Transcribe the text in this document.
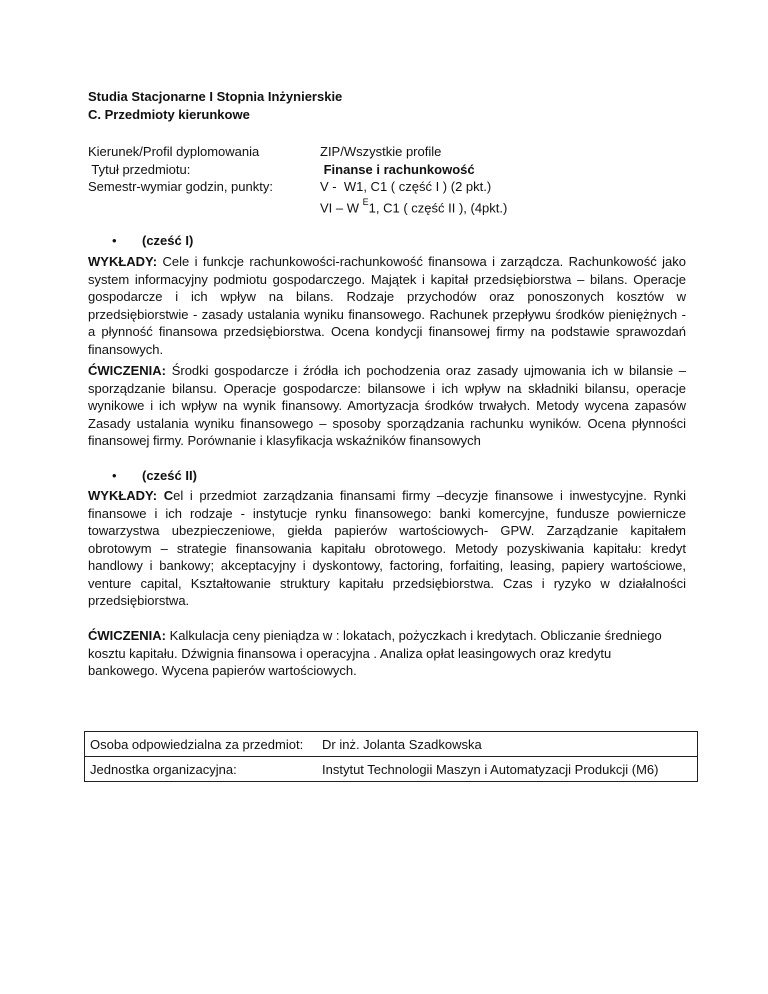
Studia Stacjonarne I Stopnia Inżynierskie
C. Przedmioty kierunkowe
Kierunek/Profil dyplomowania	ZIP/Wszystkie profile
Tytuł przedmiotu:	Finanse i rachunkowość
Semestr-wymiar godzin, punkty:	V -  W1, C1 ( część I ) (2 pkt.)
VI – W $^E$1, C1 ( część II ), (4pkt.)
• (cześć I)
WYKŁADY: Cele i funkcje rachunkowości-rachunkowość finansowa i zarządcza. Rachunkowość jako system informacyjny podmiotu gospodarczego. Majątek i kapitał przedsiębiorstwa – bilans. Operacje gospodarcze i ich wpływ na bilans. Rodzaje przychodów oraz ponoszonych kosztów w przedsiębiorstwie - zasady ustalania wyniku finansowego. Rachunek przepływu środków pieniężnych - a płynność finansowa przedsiębiorstwa. Ocena kondycji finansowej firmy na podstawie sprawozdań finansowych.
ĆWICZENIA: Środki gospodarcze i źródła ich pochodzenia oraz zasady ujmowania ich w bilansie – sporządzanie bilansu. Operacje gospodarcze: bilansowe i ich wpływ na składniki bilansu, operacje wynikowe i ich wpływ na wynik finansowy. Amortyzacja środków trwałych. Metody wycena zapasów Zasady ustalania wyniku finansowego – sposoby sporządzania rachunku wyników. Ocena płynności finansowej firmy. Porównanie i klasyfikacja wskaźników finansowych
• (cześć II)
WYKŁADY: Cel i przedmiot zarządzania finansami firmy –decyzje finansowe i inwestycyjne. Rynki finansowe i ich rodzaje - instytucje rynku finansowego: banki komercyjne, fundusze powiernicze towarzystwa ubezpieczeniowe, giełda papierów wartościowych- GPW. Zarządzanie kapitałem obrotowym – strategie finansowania kapitału obrotowego. Metody pozyskiwania kapitału: kredyt handlowy i bankowy; akceptacyjny i dyskontowy, factoring, forfaiting, leasing, papiery wartościowe, venture capital, Kształtowanie struktury kapitału przedsiębiorstwa. Czas i ryzyko w działalności przedsiębiorstwa.
ĆWICZENIA: Kalkulacja ceny pieniądza w : lokatach, pożyczkach i kredytach. Obliczanie średniego kosztu kapitału. Dźwignia finansowa i operacyjna . Analiza opłat leasingowych oraz kredytu bankowego. Wycena papierów wartościowych.
Osoba odpowiedzialna za przedmiot:	Dr inż. Jolanta Szadkowska
Jednostka organizacyjna:	Instytut Technologii Maszyn i Automatyzacji Produkcji (M6)
